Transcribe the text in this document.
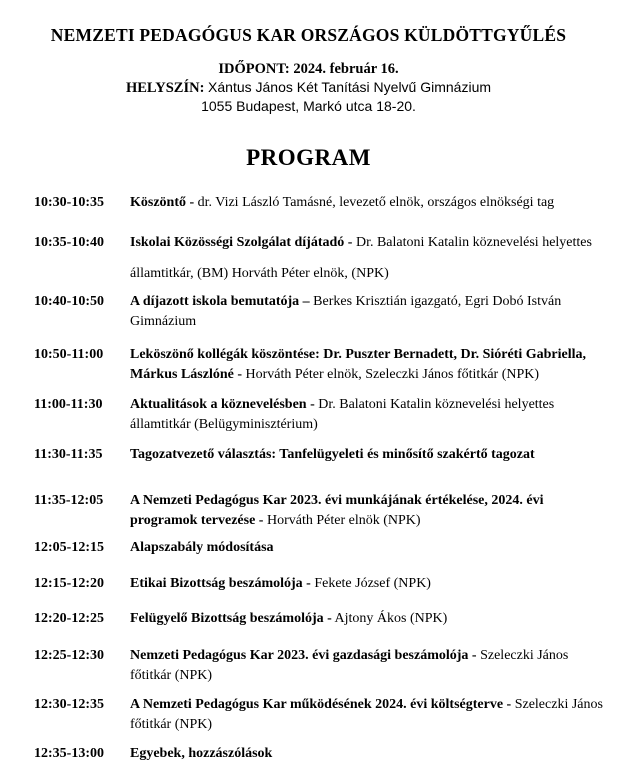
NEMZETI PEDAGÓGUS KAR ORSZÁGOS KÜLDÖTTGYŰLÉS
IDŐPONT: 2024. február 16.
HELYSZÍN: Xántus János Két Tanítási Nyelvű Gimnázium
1055 Budapest, Markó utca 18-20.
PROGRAM
10:30-10:35	Köszöntő - dr. Vizi László Tamásné, levezető elnök, országos elnökségi tag

10:35-10:40	Iskolai Közösségi Szolgálat díjátadó - Dr. Balatoni Katalin köznevelési helyettes államtitkár, (BM) Horváth Péter elnök, (NPK)

10:40-10:50	A díjazott iskola bemutatója – Berkes Krisztián igazgató, Egri Dobó István Gimnázium

10:50-11:00	Leköszönő kollégák köszöntése: Dr. Puszter Bernadett, Dr. Sióréti Gabriella, Márkus Lászlóné - Horváth Péter elnök, Szeleczki János főtitkár (NPK)

11:00-11:30	Aktualitások a köznevelésben - Dr. Balatoni Katalin köznevelési helyettes államtitkár (Belügyminisztérium)

11:30-11:35	Tagozatvezető választás: Tanfelügyeleti és minősítő szakértő tagozat

11:35-12:05	A Nemzeti Pedagógus Kar 2023. évi munkájának értékelése, 2024. évi programok tervezése - Horváth Péter elnök (NPK)

12:05-12:15	Alapszabály módosítása

12:15-12:20	Etikai Bizottság beszámolója - Fekete József (NPK)

12:20-12:25	Felügyelő Bizottság beszámolója - Ajtony Ákos (NPK)

12:25-12:30	Nemzeti Pedagógus Kar 2023. évi gazdasági beszámolója - Szeleczki János főtitkár (NPK)

12:30-12:35	A Nemzeti Pedagógus Kar működésének 2024. évi költségterve - Szeleczki János főtitkár (NPK)

12:35-13:00	Egyebek, hozzászólások
